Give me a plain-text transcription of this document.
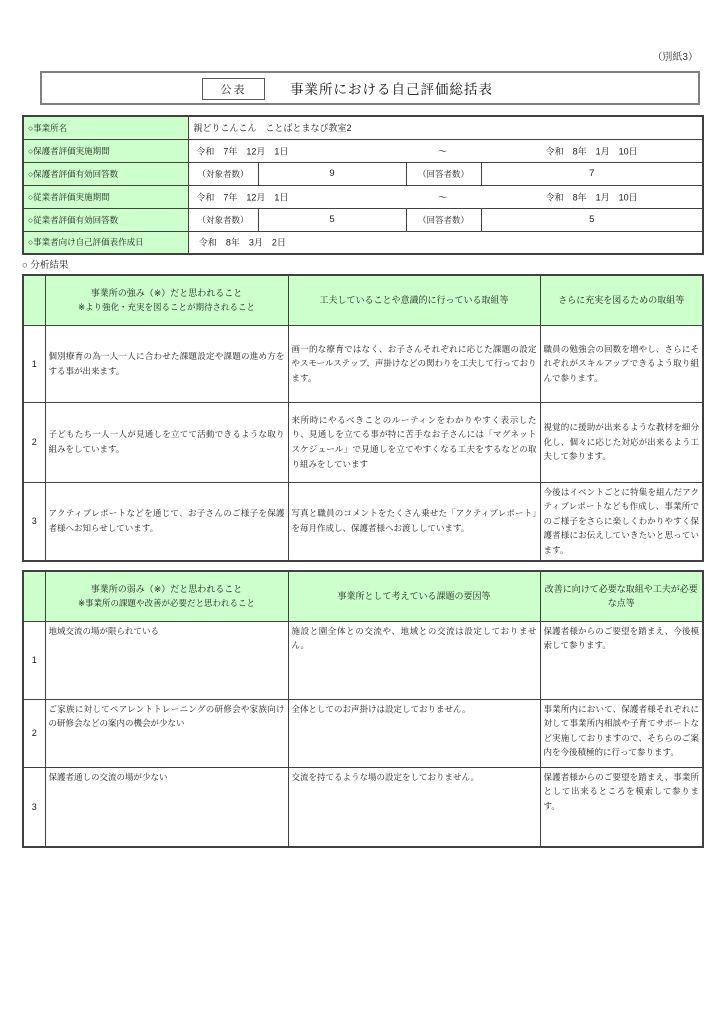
（別紙3）
公表	事業所における自己評価総括表
○事業所名	親どりこんこん　ことばとまなび教室2			
○保護者評価実施期間	令和　7年　12月　1日 ～ 令和　8年　1月　10日			

○保護者評価有効回答数	（対象者数）	9	（回答者数）	7
○従業者評価実施期間	令和　7年　12月　1日 ～ 令和　8年　1月　10日			

○従業者評価有効回答数	（対象者数）	5	（回答者数）	5
○事業者向け自己評価表作成日	令和　8年　3月　2日			
○ 分析結果

	事業所の強み（※）だと思われること
※より強化・充実を図ることが期待されること	工夫していることや意識的に行っている取組等	さらに充実を図るための取組等
1	個別療育の為一人一人に合わせた課題設定や課題の進め方をする事が出来ます。	画一的な療育ではなく、お子さんそれぞれに応じた課題の設定やスモールステップ、声掛けなどの関わりを工夫して行っております。	職員の勉強会の回数を増やし、さらにそれぞれがスキルアップできるよう取り組んで参ります。
2	子どもたち一人一人が見通しを立てて活動できるような取り組みをしています。	来所時にやるべきことのルーティンをわかりやすく表示したり、見通しを立てる事が特に苦手なお子さんには「マグネットスケジュール」で見通しを立てやすくなる工夫をするなどの取り組みをしています	視覚的に援助が出来るような教材を細分化し、個々に応じた対応が出来るよう工夫して参ります。
3	アクティブレポートなどを通じて、お子さんのご様子を保護者様へお知らせしています。	写真と職員のコメントをたくさん乗せた「アクティブレポート」を毎月作成し、保護者様へお渡ししています。	今後はイベントごとに特集を組んだアクティブレポートなども作成し、事業所でのご様子をさらに楽しくわかりやすく保護者様にお伝えしていきたいと思っています。

	事業所の弱み（※）だと思われること
※事業所の課題や改善が必要だと思われること	事業所として考えている課題の要因等	改善に向けて必要な取組や工夫が必要な点等
1	地域交流の場が限られている	施設と園全体との交流や、地域との交流は設定しておりません。	保護者様からのご要望を踏まえ、今後模索して参ります。
2	ご家族に対してペアレントトレーニングの研修会や家族向けの研修会などの案内の機会が少ない	全体としてのお声掛けは設定しておりません。	事業所内において、保護者様それぞれに対して事業所内相談や子育てサポートなど実施しておりますので、そちらのご案内を今後積極的に行って参ります。
3	保護者通しの交流の場が少ない	交流を持てるような場の設定をしておりません。	保護者様からのご要望を踏まえ、事業所として出来るところを模索して参ります。
